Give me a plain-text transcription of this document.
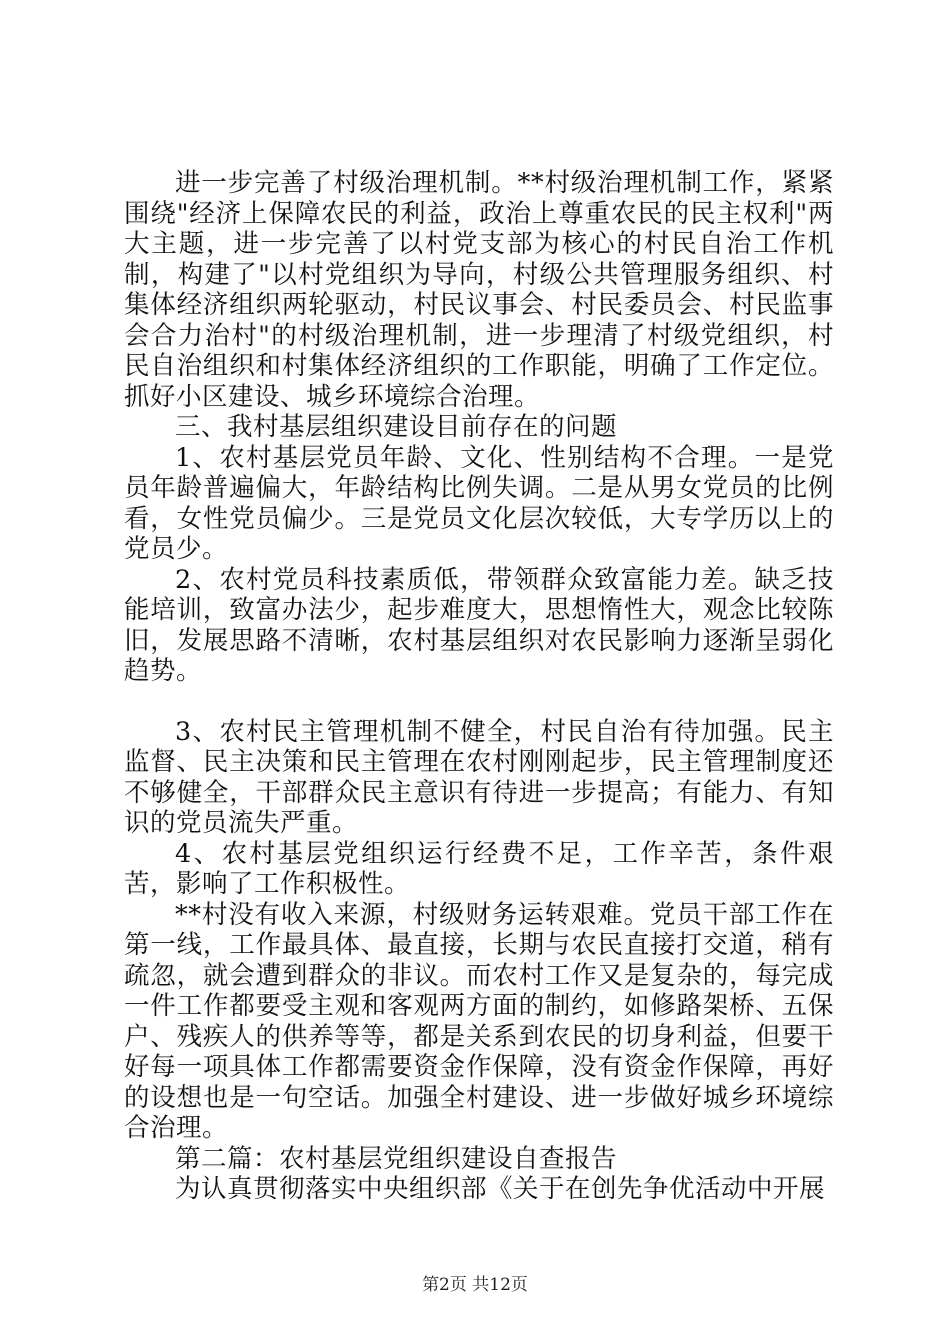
进一步完善了村级治理机制。**村级治理机制工作，紧紧围绕"经济上保障农民的利益，政治上尊重农民的民主权利"两大主题，进一步完善了以村党支部为核心的村民自治工作机制，构建了"以村党组织为导向，村级公共管理服务组织、村集体经济组织两轮驱动，村民议事会、村民委员会、村民监事会合力治村"的村级治理机制，进一步理清了村级党组织，村民自治组织和村集体经济组织的工作职能，明确了工作定位。抓好小区建设、城乡环境综合治理。

三、我村基层组织建设目前存在的问题

1、农村基层党员年龄、文化、性别结构不合理。一是党员年龄普遍偏大，年龄结构比例失调。二是从男女党员的比例看，女性党员偏少。三是党员文化层次较低，大专学历以上的党员少。

2、农村党员科技素质低，带领群众致富能力差。缺乏技能培训，致富办法少，起步难度大，思想惰性大，观念比较陈旧，发展思路不清晰，农村基层组织对农民影响力逐渐呈弱化趋势。

3、农村民主管理机制不健全，村民自治有待加强。民主监督、民主决策和民主管理在农村刚刚起步，民主管理制度还不够健全，干部群众民主意识有待进一步提高；有能力、有知识的党员流失严重。

4、农村基层党组织运行经费不足，工作辛苦，条件艰苦，影响了工作积极性。

**村没有收入来源，村级财务运转艰难。党员干部工作在第一线，工作最具体、最直接，长期与农民直接打交道，稍有疏忽，就会遭到群众的非议。而农村工作又是复杂的，每完成一件工作都要受主观和客观两方面的制约，如修路架桥、五保户、残疾人的供养等等，都是关系到农民的切身利益，但要干好每一项具体工作都需要资金作保障，没有资金作保障，再好的设想也是一句空话。加强全村建设、进一步做好城乡环境综合治理。

第二篇：农村基层党组织建设自查报告

为认真贯彻落实中央组织部《关于在创先争优活动中开展

第2页 共12页
